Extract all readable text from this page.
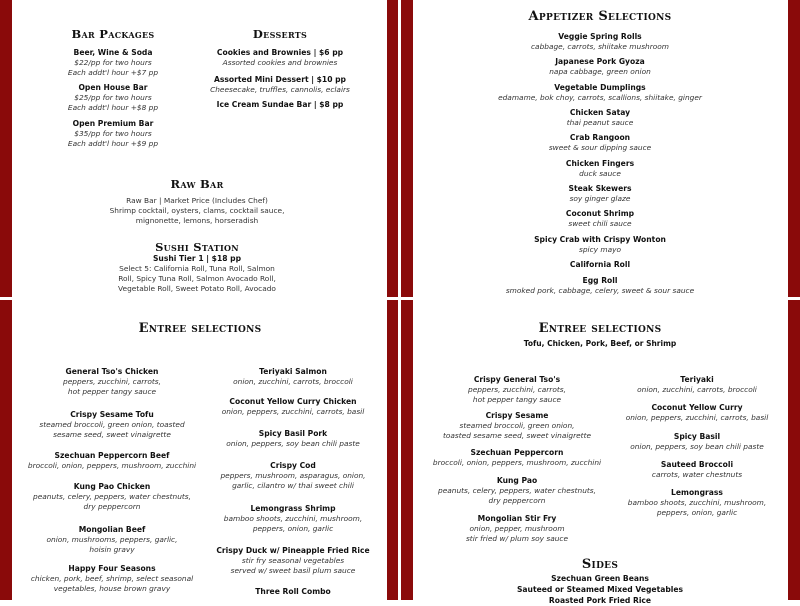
Bar Packages
Beer, Wine & Soda
$22/pp for two hours
Each addt'l hour +$7 pp
Open House Bar
$25/pp for two hours
Each addt'l hour +$8 pp
Open Premium Bar
$35/pp for two hours
Each addt'l hour +$9 pp
Desserts
Cookies and Brownies | $6 pp
Assorted cookies and brownies
Assorted Mini Dessert | $10 pp
Cheesecake, truffles, cannolis, eclairs
Ice Cream Sundae Bar | $8 pp
Raw Bar
Raw Bar | Market Price (Includes Chef)
Shrimp cocktail, oysters, clams, cocktail sauce,
mignonette, lemons, horseradish
Sushi Station
Sushi Tier 1 | $18 pp
Select 5: California Roll, Tuna Roll, Salmon
Roll, Spicy Tuna Roll, Salmon Avocado Roll,
Vegetable Roll, Sweet Potato Roll, Avocado
Appetizer Selections
Veggie Spring Rolls
cabbage, carrots, shiitake mushroom
Japanese Pork Gyoza
napa cabbage, green onion
Vegetable Dumplings
edamame, bok choy, carrots, scallions, shiitake, ginger
Chicken Satay
thai peanut sauce
Crab Rangoon
sweet & sour dipping sauce
Chicken Fingers
duck sauce
Steak Skewers
soy ginger glaze
Coconut Shrimp
sweet chili sauce
Spicy Crab with Crispy Wonton
spicy mayo
California Roll
Egg Roll
smoked pork, cabbage, celery, sweet & sour sauce
Entree selections
General Tso's Chicken
peppers, zucchini, carrots,
hot pepper tangy sauce
Crispy Sesame Tofu
steamed broccoli, green onion, toasted
sesame seed, sweet vinaigrette
Szechuan Peppercorn Beef
broccoli, onion, peppers, mushroom, zucchini
Kung Pao Chicken
peanuts, celery, peppers, water chestnuts,
dry peppercorn
Mongolian Beef
onion, mushrooms, peppers, garlic,
hoisin gravy
Happy Four Seasons
chicken, pork, beef, shrimp, select seasonal
vegetables, house brown gravy
Teriyaki Salmon
onion, zucchini, carrots, broccoli
Coconut Yellow Curry Chicken
onion, peppers, zucchini, carrots, basil
Spicy Basil Pork
onion, peppers, soy bean chili paste
Crispy Cod
peppers, mushroom, asparagus, onion,
garlic, cilantro w/ thai sweet chili
Lemongrass Shrimp
bamboo shoots, zucchini, mushroom,
peppers, onion, garlic
Crispy Duck w/ Pineapple Fried Rice
stir fry seasonal vegetables
served w/ sweet basil plum sauce
Three Roll Combo
Entree selections
Tofu, Chicken, Pork, Beef, or Shrimp
Crispy General Tso's
peppers, zucchini, carrots,
hot pepper tangy sauce
Crispy Sesame
steamed broccoli, green onion,
toasted sesame seed, sweet vinaigrette
Szechuan Peppercorn
broccoli, onion, peppers, mushroom, zucchini
Kung Pao
peanuts, celery, peppers, water chestnuts,
dry peppercorn
Mongolian Stir Fry
onion, pepper, mushroom
stir fried w/ plum soy sauce
Teriyaki
onion, zucchini, carrots, broccoli
Coconut Yellow Curry
onion, peppers, zucchini, carrots, basil
Spicy Basil
onion, peppers, soy bean chili paste
Sauteed Broccoli
carrots, water chestnuts
Lemongrass
bamboo shoots, zucchini, mushroom,
peppers, onion, garlic
Sides
Szechuan Green Beans
Sauteed or Steamed Mixed Vegetables
Roasted Pork Fried Rice
